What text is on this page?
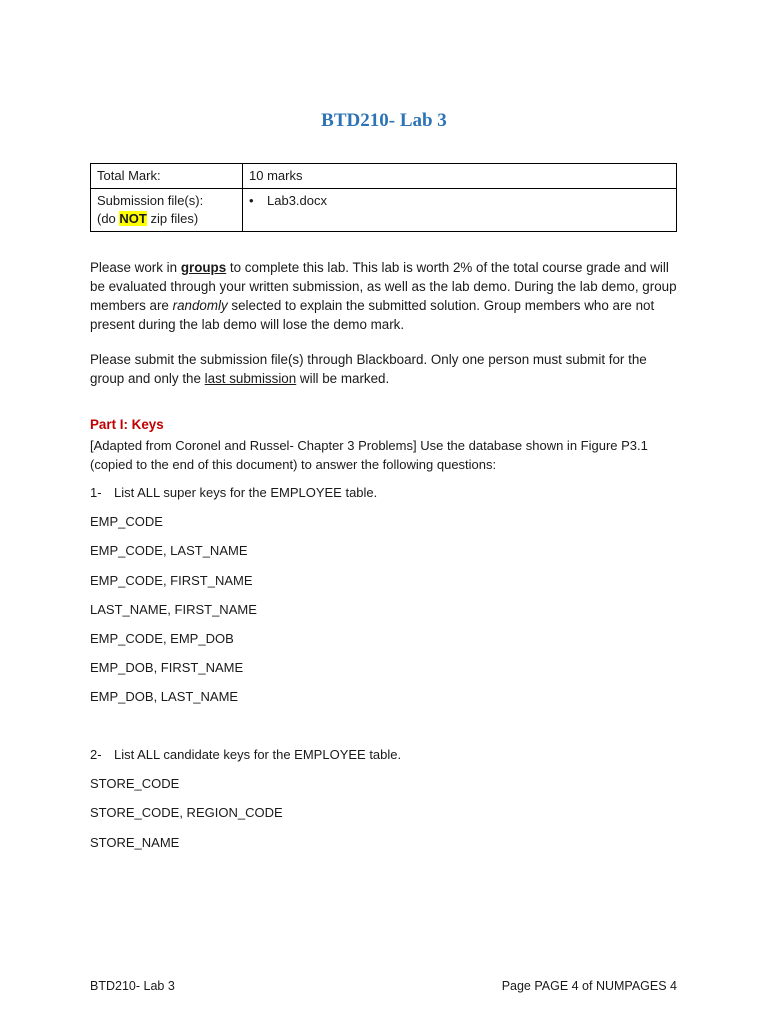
BTD210- Lab 3
Total Mark:	10 marks
Submission file(s):
(do NOT zip files)	• Lab3.docx
Please work in groups to complete this lab. This lab is worth 2% of the total course grade and will be evaluated through your written submission, as well as the lab demo. During the lab demo, group members are randomly selected to explain the submitted solution. Group members who are not present during the lab demo will lose the demo mark.
Please submit the submission file(s) through Blackboard. Only one person must submit for the group and only the last submission will be marked.
Part I: Keys
[Adapted from Coronel and Russel- Chapter 3 Problems] Use the database shown in Figure P3.1 (copied to the end of this document) to answer the following questions:
1- List ALL super keys for the EMPLOYEE table.
EMP_CODE
EMP_CODE, LAST_NAME
EMP_CODE, FIRST_NAME
LAST_NAME, FIRST_NAME
EMP_CODE, EMP_DOB
EMP_DOB, FIRST_NAME
EMP_DOB, LAST_NAME
2- List ALL candidate keys for the EMPLOYEE table.
STORE_CODE
STORE_CODE, REGION_CODE
STORE_NAME
BTD210- Lab 3	Page PAGE 4 of NUMPAGES 4
